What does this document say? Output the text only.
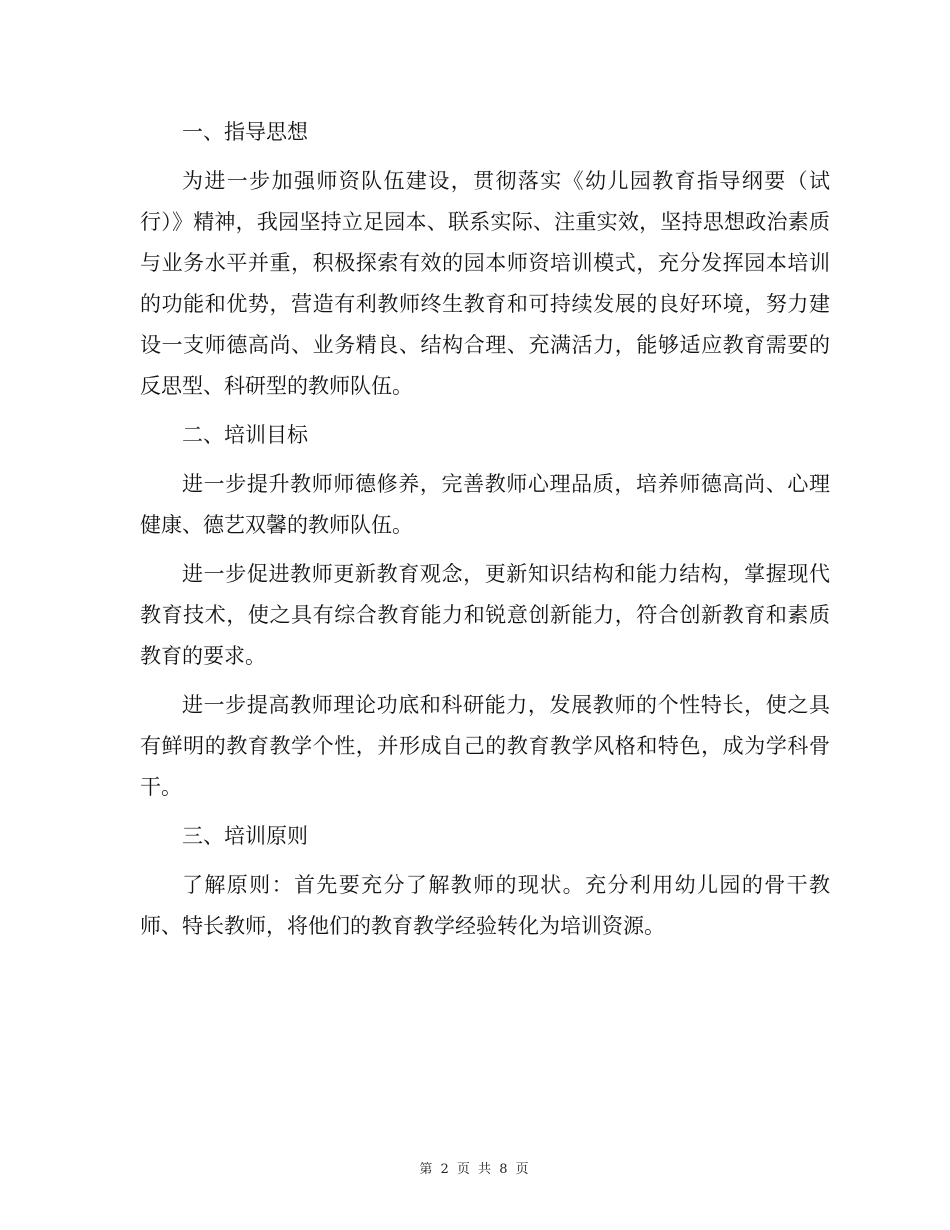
一、指导思想

为进一步加强师资队伍建设，贯彻落实《幼儿园教育指导纲要（试行）》精神，我园坚持立足园本、联系实际、注重实效，坚持思想政治素质与业务水平并重，积极探索有效的园本师资培训模式，充分发挥园本培训的功能和优势，营造有利教师终生教育和可持续发展的良好环境，努力建设一支师德高尚、业务精良、结构合理、充满活力，能够适应教育需要的反思型、科研型的教师队伍。

二、培训目标

进一步提升教师师德修养，完善教师心理品质，培养师德高尚、心理健康、德艺双馨的教师队伍。

进一步促进教师更新教育观念，更新知识结构和能力结构，掌握现代教育技术，使之具有综合教育能力和锐意创新能力，符合创新教育和素质教育的要求。

进一步提高教师理论功底和科研能力，发展教师的个性特长，使之具有鲜明的教育教学个性，并形成自己的教育教学风格和特色，成为学科骨干。

三、培训原则

了解原则：首先要充分了解教师的现状。充分利用幼儿园的骨干教师、特长教师，将他们的教育教学经验转化为培训资源。

第 2 页 共 8 页
